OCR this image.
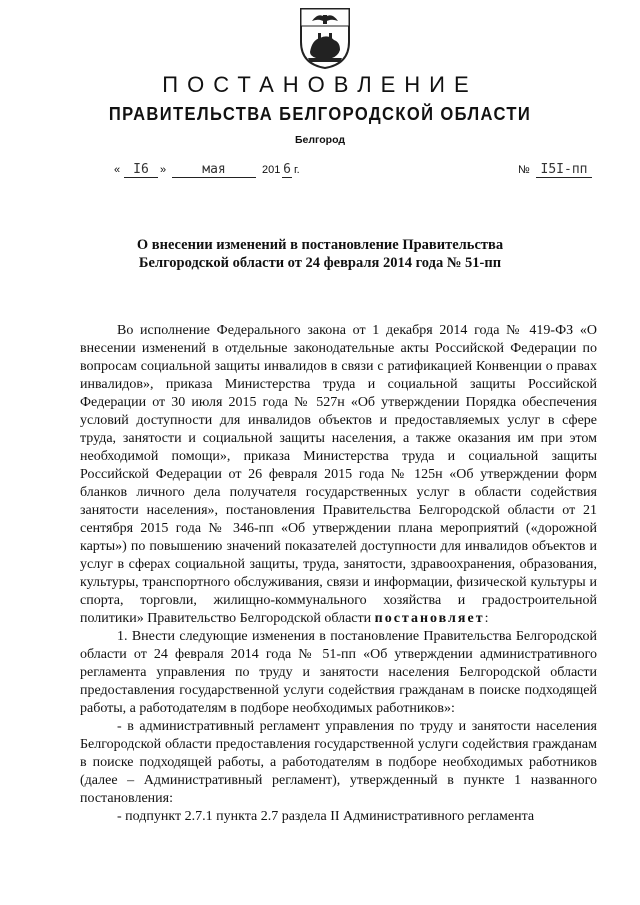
ПОСТАНОВЛЕНИЕ
ПРАВИТЕЛЬСТВА БЕЛГОРОДСКОЙ ОБЛАСТИ
Белгород
«	I6	»	мая	201 6 г.	№ I5I-пп
О внесении изменений в постановление Правительства
Белгородской области от 24 февраля 2014 года № 51-пп

Во исполнение Федерального закона от 1 декабря 2014 года № 419-ФЗ «О внесении изменений в отдельные законодательные акты Российской Федерации по вопросам социальной защиты инвалидов в связи с ратификацией Конвенции о правах инвалидов», приказа Министерства труда и социальной защиты Российской Федерации от 30 июля 2015 года № 527н «Об утверждении Порядка обеспечения условий доступности для инвалидов объектов и предоставляемых услуг в сфере труда, занятости и социальной защиты населения, а также оказания им при этом необходимой помощи», приказа Министерства труда и социальной защиты Российской Федерации от 26 февраля 2015 года № 125н «Об утверждении форм бланков личного дела получателя государственных услуг в области содействия занятости населения», постановления Правительства Белгородской области от 21 сентября 2015 года № 346-пп «Об утверждении плана мероприятий («дорожной карты») по повышению значений показателей доступности для инвалидов объектов и услуг в сферах социальной защиты, труда, занятости, здравоохранения, образования, культуры, транспортного обслуживания, связи и информации, физической культуры и спорта, торговли, жилищно-коммунального хозяйства и градостроительной политики» Правительство Белгородской области постановляет:

1. Внести следующие изменения в постановление Правительства Белгородской области от 24 февраля 2014 года № 51-пп «Об утверждении административного регламента управления по труду и занятости населения Белгородской области предоставления государственной услуги содействия гражданам в поиске подходящей работы, а работодателям в подборе необходимых работников»:

- в административный регламент управления по труду и занятости населения Белгородской области предоставления государственной услуги содействия гражданам в поиске подходящей работы, а работодателям в подборе необходимых работников (далее – Административный регламент), утвержденный в пункте 1 названного постановления:

- подпункт 2.7.1 пункта 2.7 раздела II Административного регламента
